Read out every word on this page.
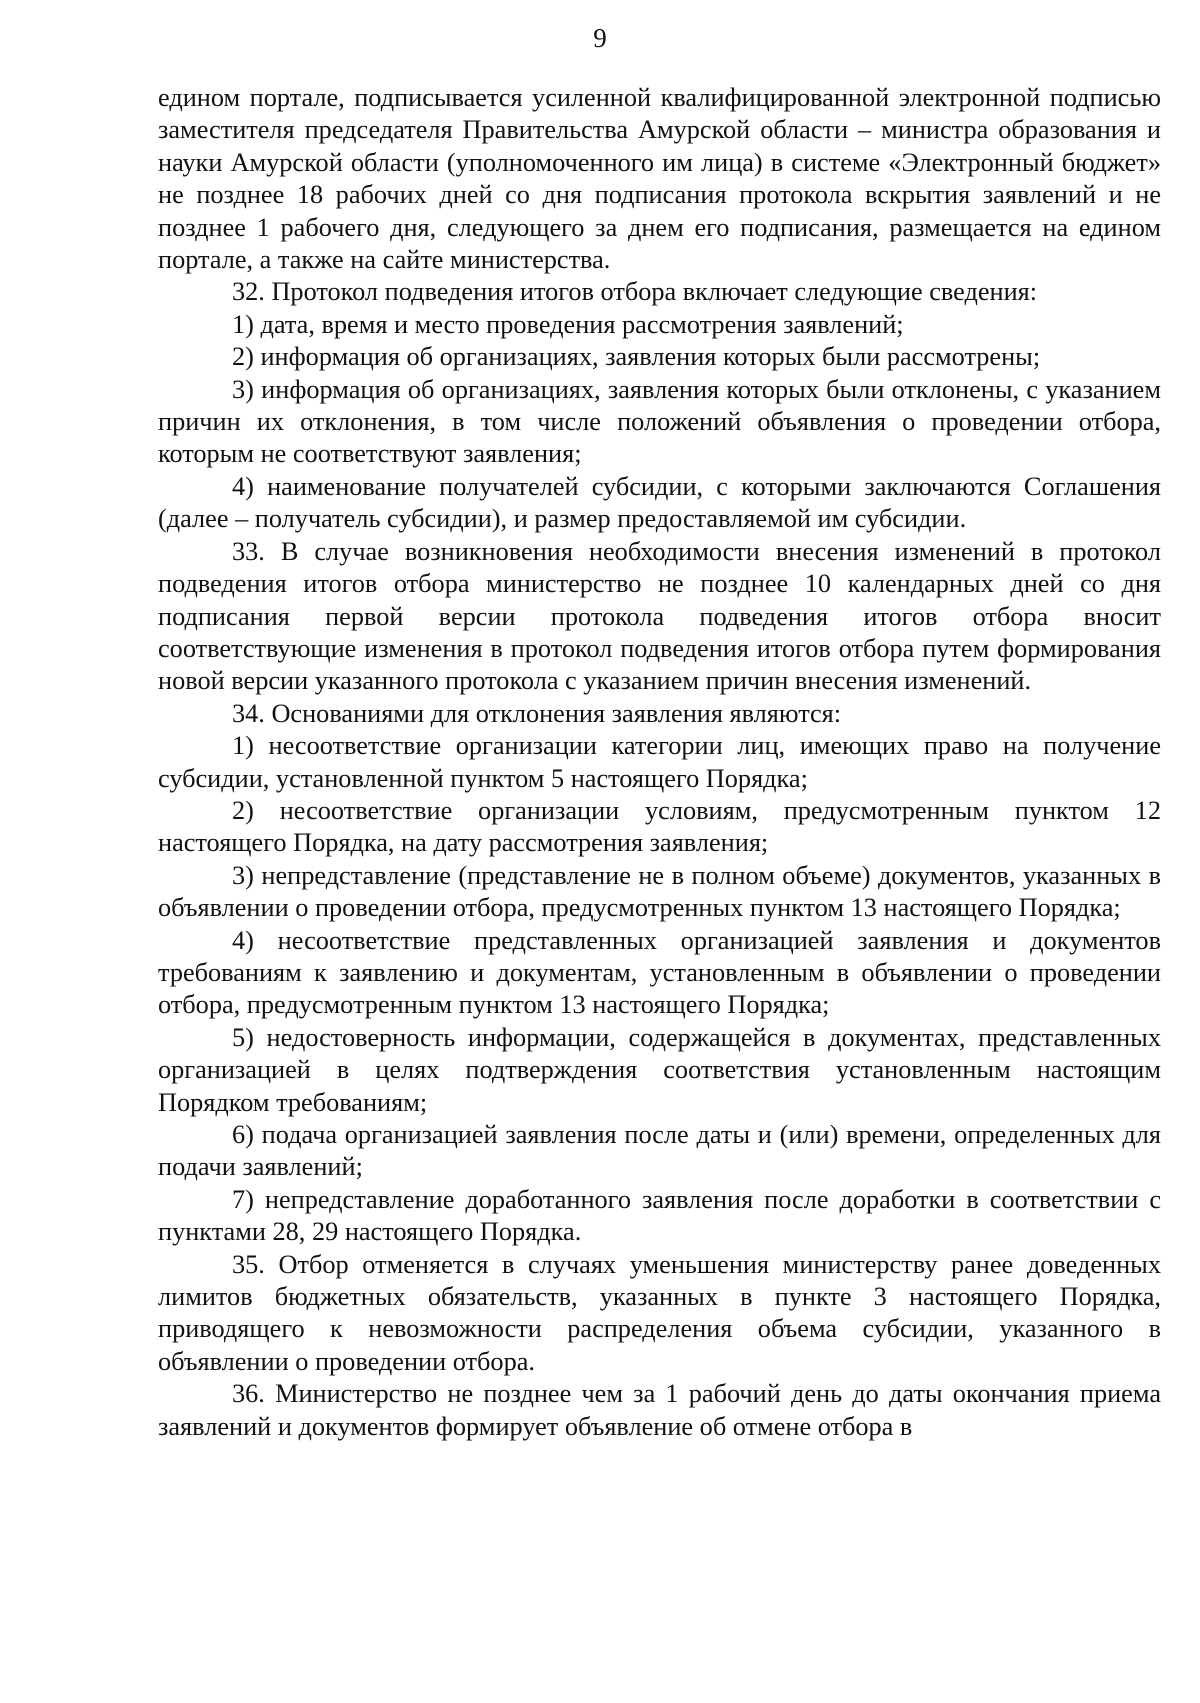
9

едином портале, подписывается усиленной квалифицированной электронной подписью заместителя председателя Правительства Амурской области – министра образования и науки Амурской области (уполномоченного им лица) в системе «Электронный бюджет» не позднее 18 рабочих дней со дня подписания протокола вскрытия заявлений и не позднее 1 рабочего дня, следующего за днем его подписания, размещается на едином портале, а также на сайте министерства.

32. Протокол подведения итогов отбора включает следующие сведения:

1) дата, время и место проведения рассмотрения заявлений;

2) информация об организациях, заявления которых были рассмотрены;

3) информация об организациях, заявления которых были отклонены, с указанием причин их отклонения, в том числе положений объявления о проведении отбора, которым не соответствуют заявления;

4) наименование получателей субсидии, с которыми заключаются Соглашения (далее – получатель субсидии), и размер предоставляемой им субсидии.

33. В случае возникновения необходимости внесения изменений в протокол подведения итогов отбора министерство не позднее 10 календарных дней со дня подписания первой версии протокола подведения итогов отбора вносит соответствующие изменения в протокол подведения итогов отбора путем формирования новой версии указанного протокола с указанием причин внесения изменений.

34. Основаниями для отклонения заявления являются:

1) несоответствие организации категории лиц, имеющих право на получение субсидии, установленной пунктом 5 настоящего Порядка;

2) несоответствие организации условиям, предусмотренным пунктом 12 настоящего Порядка, на дату рассмотрения заявления;

3) непредставление (представление не в полном объеме) документов, указанных в объявлении о проведении отбора, предусмотренных пунктом 13 настоящего Порядка;

4) несоответствие представленных организацией заявления и документов требованиям к заявлению и документам, установленным в объявлении о проведении отбора, предусмотренным пунктом 13 настоящего Порядка;

5) недостоверность информации, содержащейся в документах, представленных организацией в целях подтверждения соответствия установленным настоящим Порядком требованиям;

6) подача организацией заявления после даты и (или) времени, определенных для подачи заявлений;

7) непредставление доработанного заявления после доработки в соответствии с пунктами 28, 29 настоящего Порядка.

35. Отбор отменяется в случаях уменьшения министерству ранее доведенных лимитов бюджетных обязательств, указанных в пункте 3 настоящего Порядка, приводящего к невозможности распределения объема субсидии, указанного в объявлении о проведении отбора.

36. Министерство не позднее чем за 1 рабочий день до даты окончания приема заявлений и документов формирует объявление об отмене отбора в
